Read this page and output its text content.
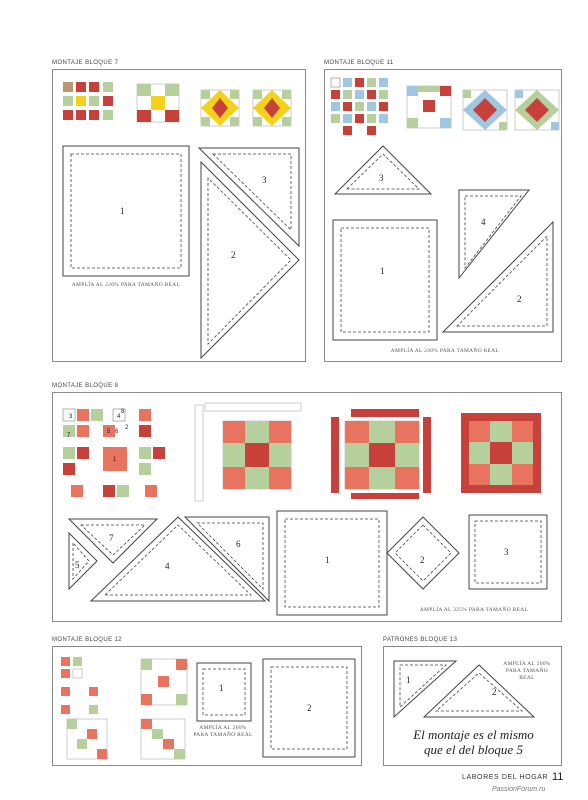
MONTAJE BLOQUE 7
1
3
2
AMPLÍA AL 220% PARA TAMAÑO REAL
MONTAJE BLOQUE 11
3
4
1
2
AMPLÍA AL 240% PARA TAMAÑO REAL
MONTAJE BLOQUE 8
3	4
8
5 6
2
7
1
7
5	4
6
1	2
3
AMPLÍA AL 325% PARA TAMAÑO REAL
MONTAJE BLOQUE 12
1
2
AMPLÍA AL 260%
PARA TAMAÑO REAL
PATRONES BLOQUE 13
1
2
AMPLÍA AL 200%
PARA TAMAÑO
REAL
El montaje es el mismo
que el del bloque 5
LABORES DEL HOGAR 11
PassionForum.ru
